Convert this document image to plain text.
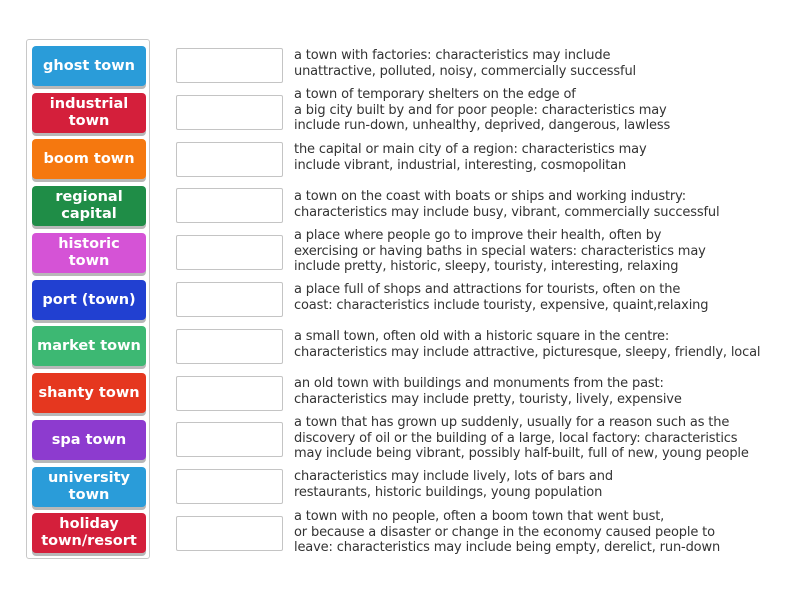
ghost town
industrial
town
boom town
regional
capital
historic town
port (town)
market town
shanty town
spa town
university
town
holiday
town/resort
a town with factories: characteristics may include
unattractive, polluted, noisy, commercially successful
a town of temporary shelters on the edge of
a big city built by and for poor people: characteristics may
include run-down, unhealthy, deprived, dangerous, lawless
the capital or main city of a region: characteristics may
include vibrant, industrial, interesting, cosmopolitan
a town on the coast with boats or ships and working industry:
characteristics may include busy, vibrant, commercially successful
a place where people go to improve their health, often by
exercising or having baths in special waters: characteristics may
include pretty, historic, sleepy, touristy, interesting, relaxing
a place full of shops and attractions for tourists, often on the
coast: characteristics include touristy, expensive, quaint,relaxing
a small town, often old with a historic square in the centre:
characteristics may include attractive, picturesque, sleepy, friendly, local
an old town with buildings and monuments from the past:
characteristics may include pretty, touristy, lively, expensive
a town that has grown up suddenly, usually for a reason such as the
discovery of oil or the building of a large, local factory: characteristics
may include being vibrant, possibly half-built, full of new, young people
characteristics may include lively, lots of bars and
restaurants, historic buildings, young population
a town with no people, often a boom town that went bust,
or because a disaster or change in the economy caused people to
leave: characteristics may include being empty, derelict, run-down
